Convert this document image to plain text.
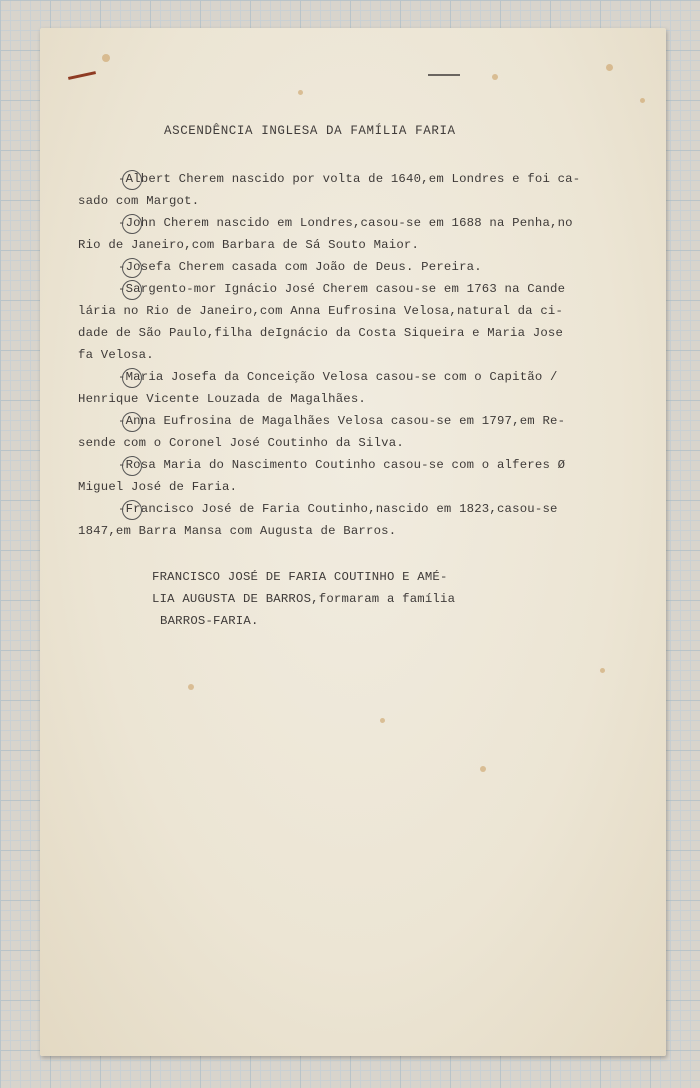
ASCENDÊNCIA INGLESA DA FAMÍLIA FARIA

-Albert Cherem nascido por volta de 1640,em Londres e foi ca-

sado com Margot.

-John Cherem nascido em Londres,casou-se em 1688 na Penha,no

Rio de Janeiro,com Barbara de Sá Souto Maior.

-Josefa Cherem casada com João de Deus. Pereira.

-Sargento-mor Ignácio José Cherem casou-se em 1763 na Cande

lária no Rio de Janeiro,com Anna Eufrosina Velosa,natural da ci-

dade de São Paulo,filha deIgnácio da Costa Siqueira e Maria Jose

fa Velosa.

-Maria Josefa da Conceição Velosa casou-se com o Capitão /

Henrique Vicente Louzada de Magalhães.

-Anna Eufrosina de Magalhães Velosa casou-se em 1797,em Re-

sende com o Coronel José Coutinho da Silva.

-Rosa Maria do Nascimento Coutinho casou-se com o alferes Ø

Miguel José de Faria.

-Francisco José de Faria Coutinho,nascido em 1823,casou-se

1847,em Barra Mansa com Augusta de Barros.

FRANCISCO JOSÉ DE FARIA COUTINHO E AMÉ-

LIA AUGUSTA DE BARROS,formaram a família

BARROS-FARIA.
